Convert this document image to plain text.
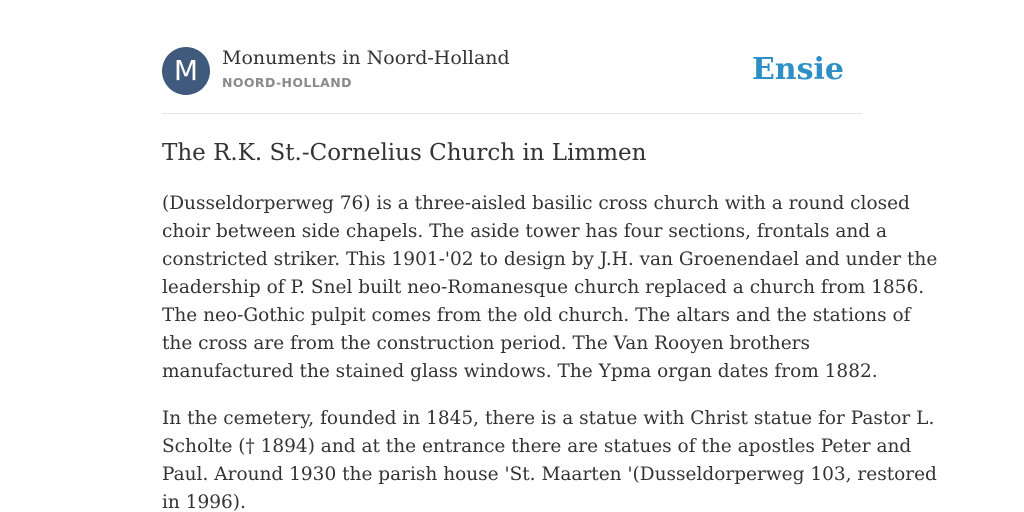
M	Monuments in Noord-Holland
NOORD-HOLLAND	Ensie
The R.K. St.-Cornelius Church in Limmen

(Dusseldorperweg 76) is a three-aisled basilic cross church with a round closed
choir between side chapels. The aside tower has four sections, frontals and a
constricted striker. This 1901-'02 to design by J.H. van Groenendael and under the
leadership of P. Snel built neo-Romanesque church replaced a church from 1856.
The neo-Gothic pulpit comes from the old church. The altars and the stations of
the cross are from the construction period. The Van Rooyen brothers
manufactured the stained glass windows. The Ypma organ dates from 1882.

In the cemetery, founded in 1845, there is a statue with Christ statue for Pastor L.
Scholte († 1894) and at the entrance there are statues of the apostles Peter and
Paul. Around 1930 the parish house 'St. Maarten '(Dusseldorperweg 103, restored
in 1996).
